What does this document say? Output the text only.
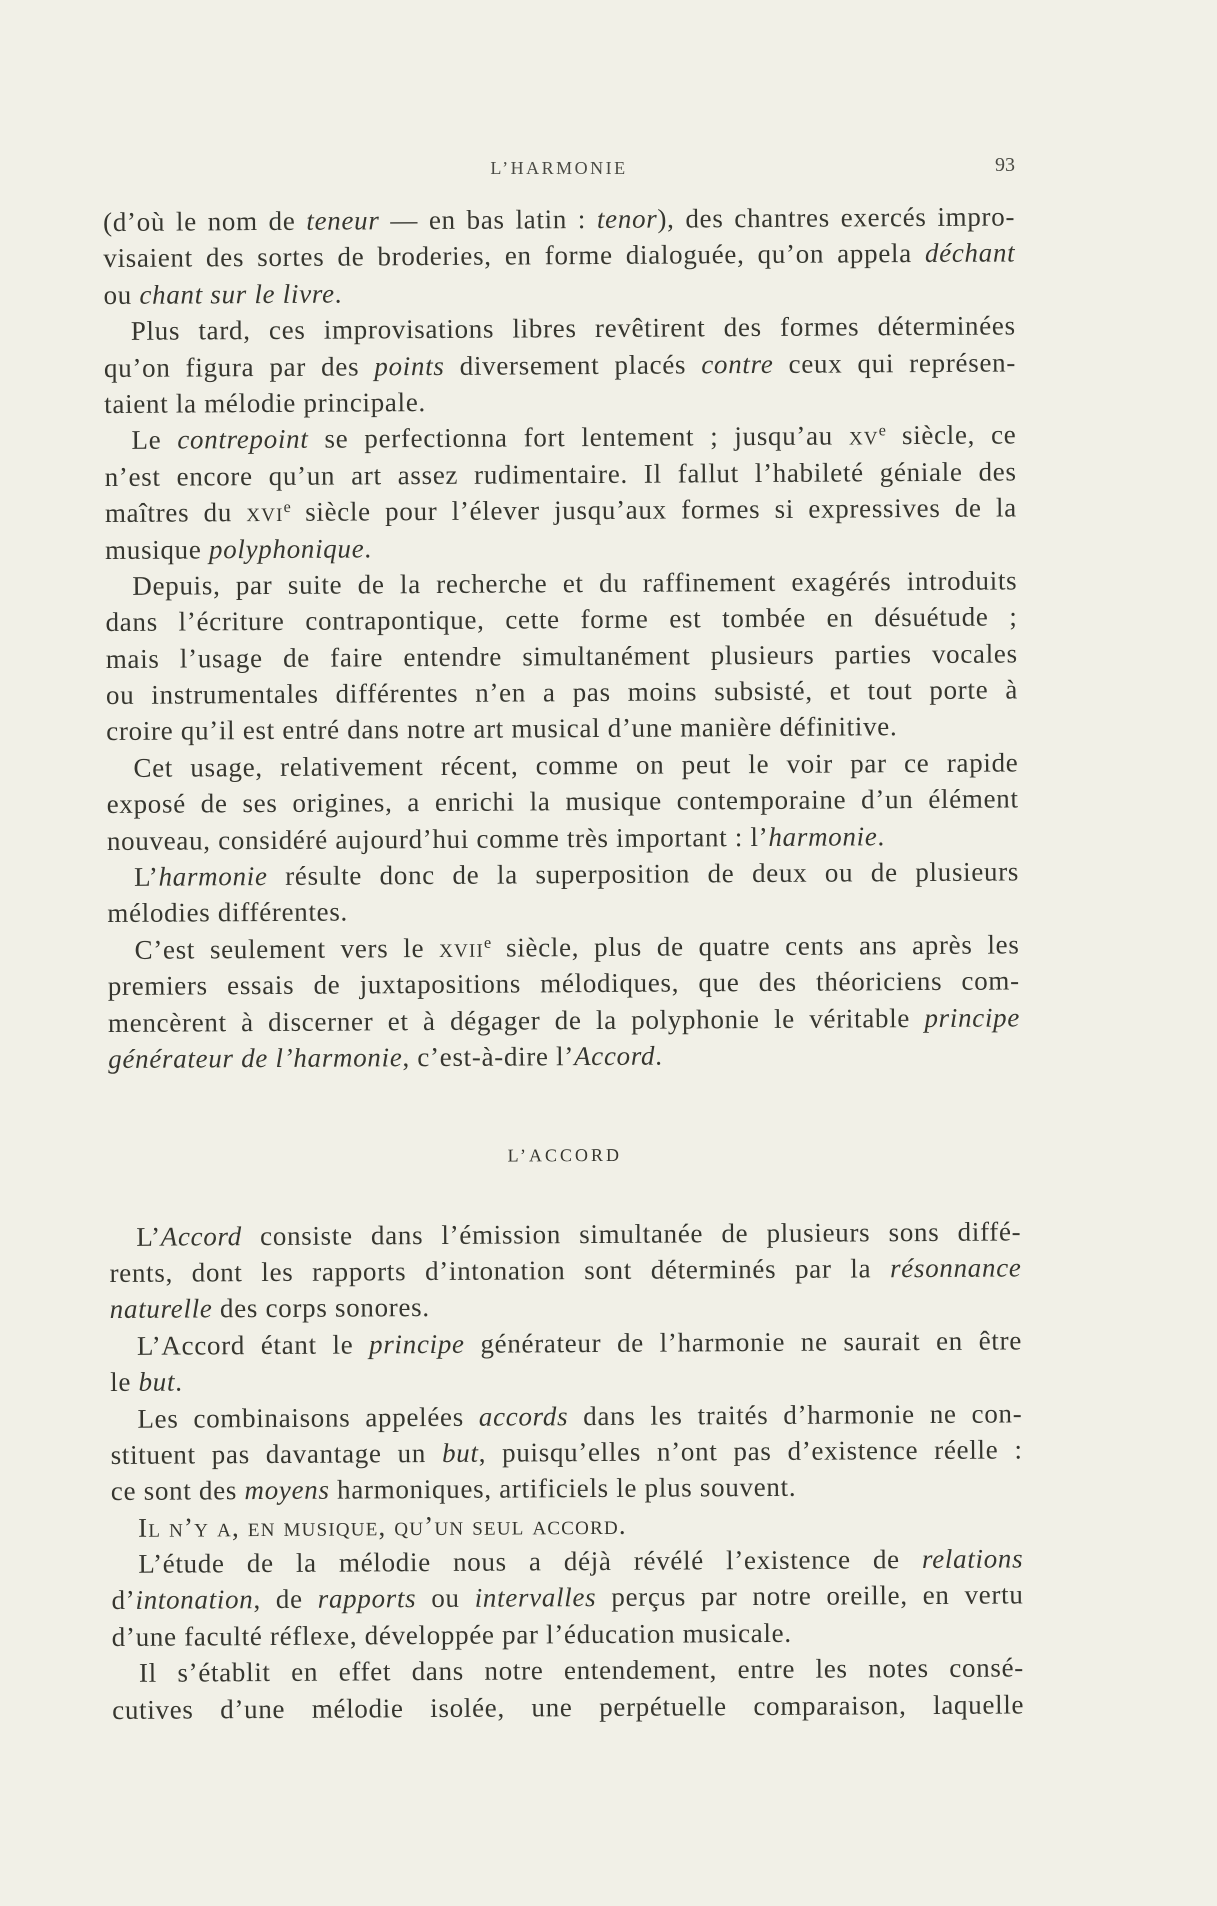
L’HARMONIE	93
(d’où le nom de teneur — en bas latin : tenor), des chantres exercés impro-
visaient des sortes de broderies, en forme dialoguée, qu’on appela déchant
ou chant sur le livre.
Plus tard, ces improvisations libres revêtirent des formes déterminées
qu’on figura par des points diversement placés contre ceux qui représen-
taient la mélodie principale.
Le contrepoint se perfectionna fort lentement ; jusqu’au $xv^e$ siècle, ce
n’est encore qu’un art assez rudimentaire. Il fallut l’habileté géniale des
maîtres du xvi$^e$ siècle pour l’élever jusqu’aux formes si expressives de la
musique polyphonique.
Depuis, par suite de la recherche et du raffinement exagérés introduits
dans l’écriture contrapontique, cette forme est tombée en désuétude ;
mais l’usage de faire entendre simultanément plusieurs parties vocales
ou instrumentales différentes n’en a pas moins subsisté, et tout porte à
croire qu’il est entré dans notre art musical d’une manière définitive.
Cet usage, relativement récent, comme on peut le voir par ce rapide
exposé de ses origines, a enrichi la musique contemporaine d’un élément
nouveau, considéré aujourd’hui comme très important : l’harmonie.
L’harmonie résulte donc de la superposition de deux ou de plusieurs
mélodies différentes.
C’est seulement vers le xvii$^e$ siècle, plus de quatre cents ans après les
premiers essais de juxtapositions mélodiques, que des théoriciens com-
mencèrent à discerner et à dégager de la polyphonie le véritable principe
générateur de l’harmonie, c’est-à-dire l’Accord.
L’ACCORD
L’Accord consiste dans l’émission simultanée de plusieurs sons diffé-
rents, dont les rapports d’intonation sont déterminés par la résonnance
naturelle des corps sonores.
L’Accord étant le principe générateur de l’harmonie ne saurait en être
le but.
Les combinaisons appelées accords dans les traités d’harmonie ne con-
stituent pas davantage un but, puisqu’elles n’ont pas d’existence réelle :
ce sont des moyens harmoniques, artificiels le plus souvent.
Il n’y a, en musique, qu’un seul accord.
L’étude de la mélodie nous a déjà révélé l’existence de relations
d’intonation, de rapports ou intervalles perçus par notre oreille, en vertu
d’une faculté réflexe, développée par l’éducation musicale.
Il s’établit en effet dans notre entendement, entre les notes consé-
cutives d’une mélodie isolée, une perpétuelle comparaison, laquelle
